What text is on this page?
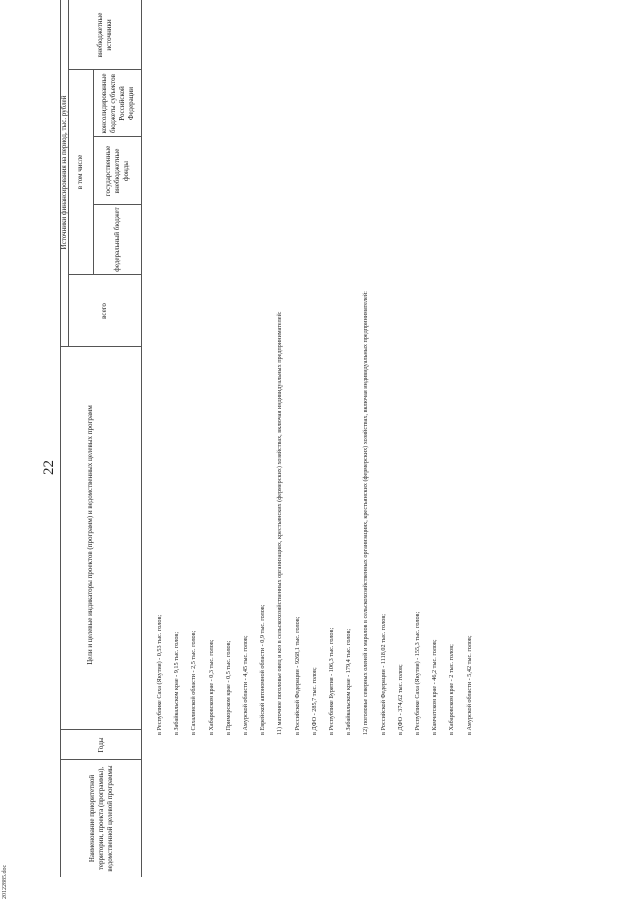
22
20122885.doc
Наименование приоритетной территории, проекта (программы), ведомственной целевой программы
Годы
Цели и целевые индикаторы проектов (программ) и ведомственных целевых программ
Источники финансирования на период, тыс. рублей
всего
в том числе
федеральный бюджет
государственные внебюджетные фонды
консолидированные бюджеты субъектов Российской Федерации
внебюджетные источники

в Республике Саха (Якутия) - 0,53 тыс. голов; в Забайкальском крае - 9,15 тыс. голов; в Сахалинской области - 2,5 тыс. голов; в Хабаровском крае - 0,3 тыс. голов; в Приморском крае - 0,5 тыс. голов; в Амурской области - 4,45 тыс. голов; в Еврейской автономной области - 0,9 тыс. голов; 11) маточное поголовье овец и коз в сельскохозяйственных организациях, крестьянских (фермерских) хозяйствах, включая индивидуальных предпринимателей: в Российской Федерации - 9268,1 тыс. голов; в ДФО - 285,7 тыс. голов; в Республике Бурятия - 106,3 тыс. голов; в Забайкальском крае - 179,4 тыс. голов; 12) поголовье северных оленей и маралов в сельскохозяйственных организациях, крестьянских (фермерских) хозяйствах, включая индивидуальных предпринимателей: в Российской Федерации - 1118,02 тыс. голов; в ДФО - 374,62 тыс. голов; в Республике Саха (Якутия) - 155,3 тыс. голов; в Камчатском крае - 46,2 тыс. голов; в Хабаровском крае - 2 тыс. голов; в Амурской области - 5,42 тыс. голов;
